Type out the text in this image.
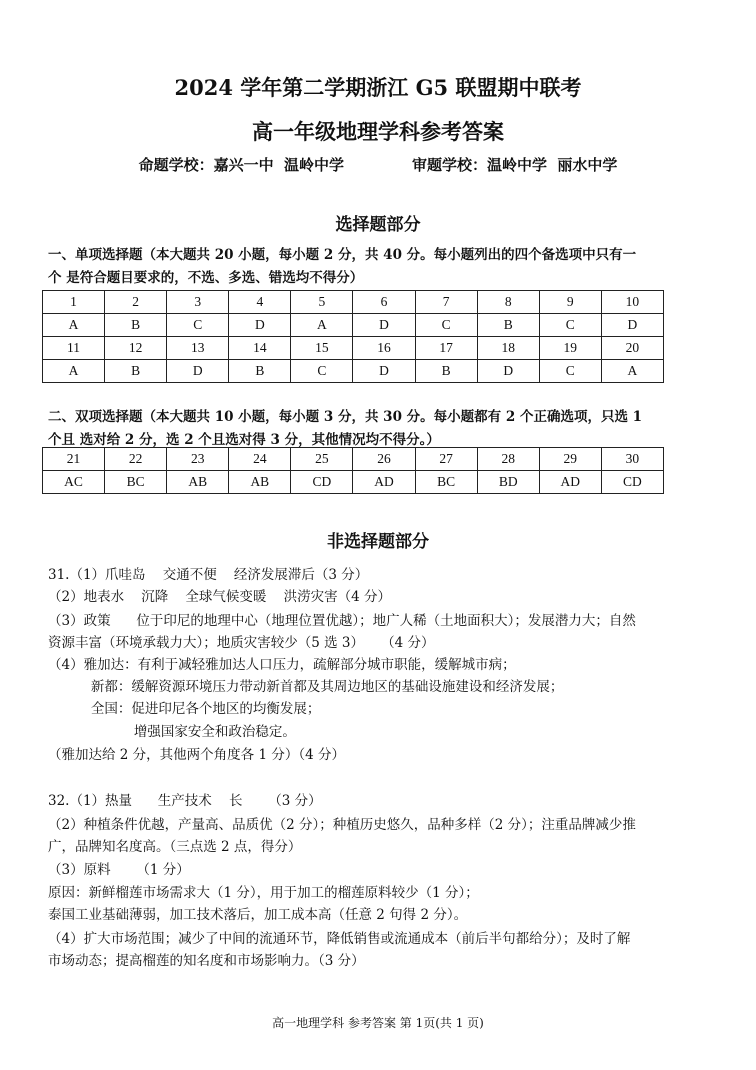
2024 学年第二学期浙江 G5 联盟期中联考
高一年级地理学科参考答案
命题学校：嘉兴一中  温岭中学             审题学校：温岭中学  丽水中学
选择题部分
一、单项选择题（本大题共 20 小题，每小题 2 分，共 40 分。每小题列出的四个备选项中只有一
个 是符合题目要求的，不选、多选、错选均不得分）
1	2	3	4	5	6	7	8	9	10
A	B	C	D	A	D	C	B	C	D
11	12	13	14	15	16	17	18	19	20
A	B	D	B	C	D	B	D	C	A
二、双项选择题（本大题共 10 小题，每小题 3 分，共 30 分。每小题都有 2 个正确选项，只选 1
个且 选对给 2 分，选 2 个且选对得 3 分，其他情况均不得分。）
21	22	23	24	25	26	27	28	29	30
AC	BC	AB	AB	CD	AD	BC	BD	AD	CD
非选择题部分
31.（1）爪哇岛    交通不便    经济发展滞后（3 分）
（2）地表水    沉降    全球气候变暖    洪涝灾害（4 分）
（3）政策      位于印尼的地理中心（地理位置优越）；地广人稀（土地面积大）；发展潜力大；自然
资源丰富（环境承载力大）；地质灾害较少（5 选 3）    （4 分）
（4）雅加达：有利于减轻雅加达人口压力，疏解部分城市职能，缓解城市病；
新都：缓解资源环境压力带动新首都及其周边地区的基础设施建设和经济发展；
全国：促进印尼各个地区的均衡发展；
增强国家安全和政治稳定。
（雅加达给 2 分，其他两个角度各 1 分）（4 分）
32.（1）热量      生产技术    长      （3 分）
（2）种植条件优越，产量高、品质优（2 分）；种植历史悠久，品种多样（2 分）；注重品牌减少推
广，品牌知名度高。（三点选 2 点，得分）
（3）原料      （1 分）
原因：新鲜榴莲市场需求大（1 分），用于加工的榴莲原料较少（1 分）；
泰国工业基础薄弱，加工技术落后，加工成本高（任意 2 句得 2 分）。
（4）扩大市场范围；减少了中间的流通环节，降低销售或流通成本（前后半句都给分）；及时了解
市场动态；提高榴莲的知名度和市场影响力。（3 分）
高一地理学科 参考答案 第 1页(共 1 页)
